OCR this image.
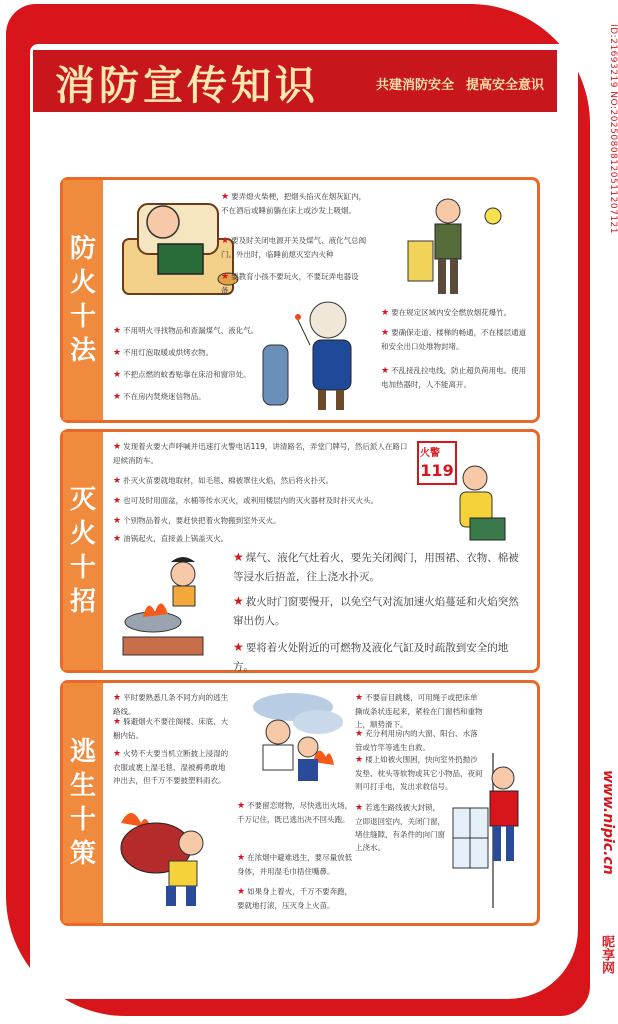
消防宣传知识	共建消防安全 提高安全意识	ID:21693219 NO:20250808120511207121
www.nipic.cn
昵享网
防
火
十
法
★ 要弄熄火柴梗，把烟头掐灭在烟灰缸内，不在酒后或睡前躺在床上或沙发上吸烟。
★ 要及时关闭电源开关及煤气、液化气总阀门。外出时，临睡前熄灭室内火种
★ 要教育小孩不要玩火，不要玩弄电器设备。
★ 不用明火寻找物品和查漏煤气、液化气。
★ 不用灯泡取暖或烘烤衣物。
★ 不把点燃的蚊香贴靠在床沿和窗帘处。
★ 不在房内焚烧迷信物品。
★ 要在规定区域内安全燃放烟花爆竹。
★ 要确保走道、楼梯的畅通，不在楼层通道和安全出口处堆物封堵。
★ 不乱接乱拉电线，防止超负荷用电。使用电加热器时，人不能离开。
灭
火
十
招
119
火警
★ 发现着火要大声呼喊并迅速打火警电话119，讲清路名，弄堂门牌号，然后派人在路口迎候消防车。
★ 扑灭火苗要就地取材，如毛毯、棉被罩住火焰，然后将火扑灭。
★ 也可及时用面盆，水桶等传水灭火，或利用楼层内的灭火器材及时扑灭火头。
★ 个别物品着火，要赶快把着火物搬到室外灭火。
★ 油锅起火，直接盖上锅盖灭火。
★ 煤气、液化气灶着火，要先关闭阀门，用围裙、衣物、棉被等浸水后捂盖，往上浇水扑灭。
★ 救火时门窗要慢开，以免空气对流加速火焰蔓延和火焰突然窜出伤人。
★ 要将着火处附近的可燃物及液化气缸及时疏散到安全的地方。
逃
生
十
策
★ 平时要熟悉几条不同方向的逃生路线。
★ 躲避烟火不要往阁楼、床底、大橱内钻。
★ 火势不大要当机立断披上浸湿的衣服或裹上湿毛毯、湿被褥勇敢地冲出去，但千万不要披塑料雨衣。
★ 不要留恋财物，尽快逃出火场，千万记住，既已逃出决不回头跑。
★ 在浓烟中避难逃生，要尽量放低身体，并用湿毛巾捂住嘴鼻。
★ 如果身上着火，千万不要奔跑，要就地打滚，压灭身上火苗。
★ 不要盲目跳楼，可用绳子或把床单撕成条状连起来，紧栓在门窗档和重物上，顺势滑下。
★ 充分利用房内的大窗、阳台、水落管或竹竿等逃生自救。
★ 楼上如被火围困，快向室外扔抛沙发垫、枕头等软物或其它小物品，夜间则可打手电，发出求救信号。
★ 若逃生路线被大封锁，立即退回室内，关闭门窗，堵住缝隙，有条件的向门窗上浇水。
